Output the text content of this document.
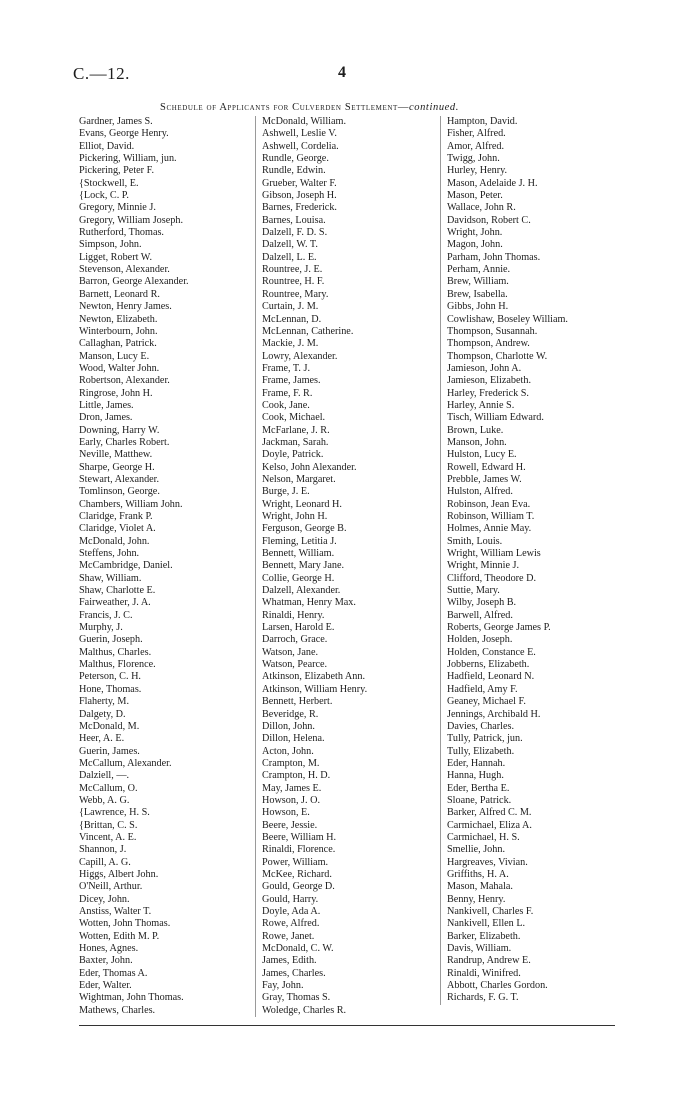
C.—12.	4
Schedule of Applicants for Culverden Settlement—continued.
Gardner, James S.
Evans, George Henry.
Elliot, David.
Pickering, William, jun.
Pickering, Peter F.
{Stockwell, E.
{Lock, C. P.
Gregory, Minnie J.
Gregory, William Joseph.
Rutherford, Thomas.
Simpson, John.
Ligget, Robert W.
Stevenson, Alexander.
Barron, George Alexander.
Barnett, Leonard R.
Newton, Henry James.
Newton, Elizabeth.
Winterbourn, John.
Callaghan, Patrick.
Manson, Lucy E.
Wood, Walter John.
Robertson, Alexander.
Ringrose, John H.
Little, James.
Dron, James.
Downing, Harry W.
Early, Charles Robert.
Neville, Matthew.
Sharpe, George H.
Stewart, Alexander.
Tomlinson, George.
Chambers, William John.
Claridge, Frank P.
Claridge, Violet A.
McDonald, John.
Steffens, John.
McCambridge, Daniel.
Shaw, William.
Shaw, Charlotte E.
Fairweather, J. A.
Francis, J. C.
Murphy, J.
Guerin, Joseph.
Malthus, Charles.
Malthus, Florence.
Peterson, C. H.
Hone, Thomas.
Flaherty, M.
Dalgety, D.
McDonald, M.
Heer, A. E.
Guerin, James.
McCallum, Alexander.
Dalziell, —.
McCallum, O.
Webb, A. G.
{Lawrence, H. S.
{Brittan, C. S.
Vincent, A. E.
Shannon, J.
Capill, A. G.
Higgs, Albert John.
O'Neill, Arthur.
Dicey, John.
Anstiss, Walter T.
Wotten, John Thomas.
Wotten, Edith M. P.
Hones, Agnes.
Baxter, John.
Eder, Thomas A.
Eder, Walter.
Wightman, John Thomas.
Mathews, Charles.
McDonald, William.
Ashwell, Leslie V.
Ashwell, Cordelia.
Rundle, George.
Rundle, Edwin.
Grueber, Walter F.
Gibson, Joseph H.
Barnes, Frederick.
Barnes, Louisa.
Dalzell, F. D. S.
Dalzell, W. T.
Dalzell, L. E.
Rountree, J. E.
Rountree, H. F.
Rountree, Mary.
Curtain, J. M.
McLennan, D.
McLennan, Catherine.
Mackie, J. M.
Lowry, Alexander.
Frame, T. J.
Frame, James.
Frame, F. R.
Cook, Jane.
Cook, Michael.
McFarlane, J. R.
Jackman, Sarah.
Doyle, Patrick.
Kelso, John Alexander.
Nelson, Margaret.
Burge, J. E.
Wright, Leonard H.
Wright, John H.
Ferguson, George B.
Fleming, Letitia J.
Bennett, William.
Bennett, Mary Jane.
Collie, George H.
Dalzell, Alexander.
Whatman, Henry Max.
Rinaldi, Henry.
Larsen, Harold E.
Darroch, Grace.
Watson, Jane.
Watson, Pearce.
Atkinson, Elizabeth Ann.
Atkinson, William Henry.
Bennett, Herbert.
Beveridge, R.
Dillon, John.
Dillon, Helena.
Acton, John.
Crampton, M.
Crampton, H. D.
May, James E.
Howson, J. O.
Howson, E.
Beere, Jessie.
Beere, William H.
Rinaldi, Florence.
Power, William.
McKee, Richard.
Gould, George D.
Gould, Harry.
Doyle, Ada A.
Rowe, Alfred.
Rowe, Janet.
McDonald, C. W.
James, Edith.
James, Charles.
Fay, John.
Gray, Thomas S.
Woledge, Charles R.
Hampton, David.
Fisher, Alfred.
Amor, Alfred.
Twigg, John.
Hurley, Henry.
Mason, Adelaide J. H.
Mason, Peter.
Wallace, John R.
Davidson, Robert C.
Wright, John.
Magon, John.
Parham, John Thomas.
Perham, Annie.
Brew, William.
Brew, Isabella.
Gibbs, John H.
Cowlishaw, Boseley William.
Thompson, Susannah.
Thompson, Andrew.
Thompson, Charlotte W.
Jamieson, John A.
Jamieson, Elizabeth.
Harley, Frederick S.
Harley, Annie S.
Tisch, William Edward.
Brown, Luke.
Manson, John.
Hulston, Lucy E.
Rowell, Edward H.
Prebble, James W.
Hulston, Alfred.
Robinson, Jean Eva.
Robinson, William T.
Holmes, Annie May.
Smith, Louis.
Wright, William Lewis
Wright, Minnie J.
Clifford, Theodore D.
Suttie, Mary.
Wilby, Joseph B.
Barwell, Alfred.
Roberts, George James P.
Holden, Joseph.
Holden, Constance E.
Jobberns, Elizabeth.
Hadfield, Leonard N.
Hadfield, Amy F.
Geaney, Michael F.
Jennings, Archibald H.
Davies, Charles.
Tully, Patrick, jun.
Tully, Elizabeth.
Eder, Hannah.
Hanna, Hugh.
Eder, Bertha E.
Sloane, Patrick.
Barker, Alfred C. M.
Carmichael, Eliza A.
Carmichael, H. S.
Smellie, John.
Hargreaves, Vivian.
Griffiths, H. A.
Mason, Mahala.
Benny, Henry.
Nankivell, Charles F.
Nankivell, Ellen L.
Barker, Elizabeth.
Davis, William.
Randrup, Andrew E.
Rinaldi, Winifred.
Abbott, Charles Gordon.
Richards, F. G. T.
